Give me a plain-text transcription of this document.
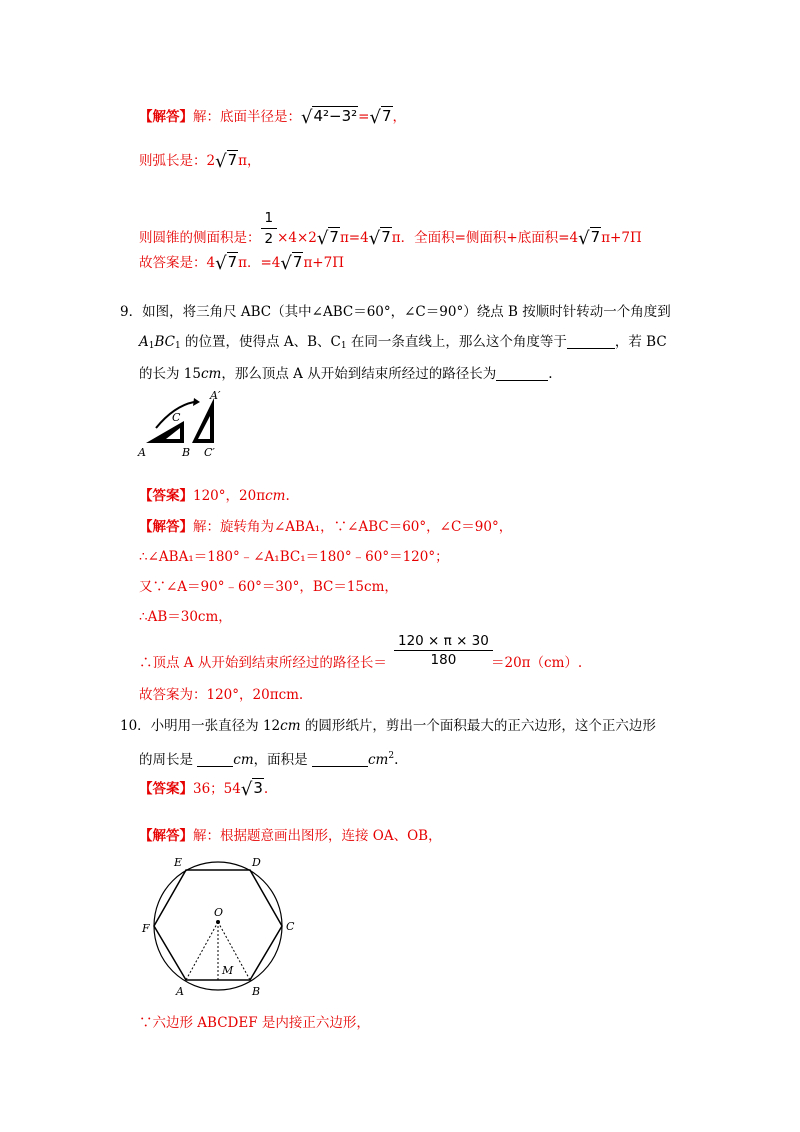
【解答】解：底面半径是：√4²−3²=√7，
则弧长是：2√7π，
则圆锥的侧面积是： $\frac{1}{2} \times 4\times 2√7\pi=4√7\pi$．全面积=侧面积+底面积=4√7π+7Π
故答案是：4√7π．=4√7π+7Π
9．如图，将三角尺 ABC（其中∠ABC＝60°，∠C＝90°）绕点 B 按顺时针转动一个角度到
$A_1BC_1$ 的位置，使得点 A、B、$C_1$ 在同一条直线上，那么这个角度等于	，若 BC
的长为 15cm，那么顶点 A 从开始到结束所经过的路径长为	.
A	B
C
C′
A′
【答案】120°，20πcm.
【解答】解：旋转角为∠ABA₁，∵∠ABC＝60°，∠C＝90°，
∴∠ABA₁＝180°﹣∠A₁BC₁＝180°﹣60°＝120°；
又∵∠A＝90°﹣60°＝30°，BC＝15cm，
∴AB＝30cm，
∴顶点 A 从开始到结束所经过的路径长＝
120 × π × 30
180	＝20π（cm）.
故答案为：120°，20πcm.
10．小明用一张直径为 12cm 的圆形纸片，剪出一个面积最大的正六边形，这个正六边形
的周长是	cm，面积是	$cm^2$.
【答案】36；54√3.
【解答】解：根据题意画出图形，连接 OA、OB，
O
A	B
C
D
E
F
M
∵六边形 ABCDEF 是内接正六边形，
